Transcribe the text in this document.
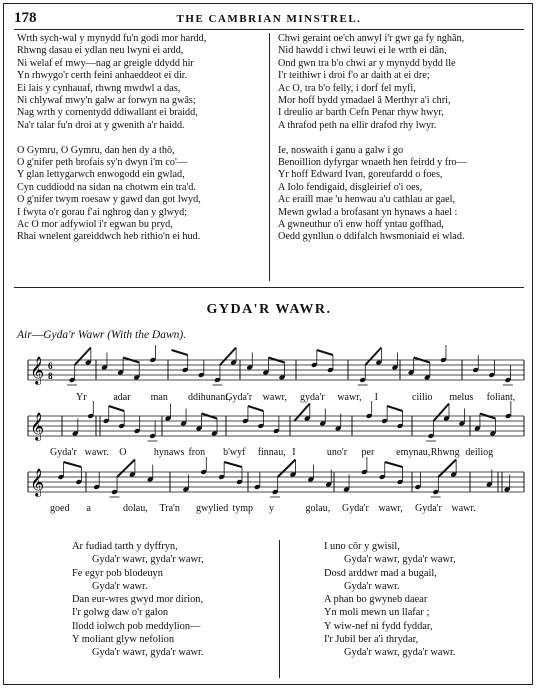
178	THE CAMBRIAN MINSTREL.
Wrth sych-wal y mynydd fu'n godi mor hardd,
Rhwng dasau ei ydlan neu lwyni ei ardd,
Ni welaf ef mwy—nag ar greigle ddydd hir
Yn rhwygo'r certh feini anhaeddeot ei dir.
Ei lais y cynhauaf, rhwng mwdwl a das,
Ni chlywaf mwy'n galw ar forwyn na gwâs;
Nag wrth y cornentydd ddiwallant ei braidd,
Na'r talar fu'n droi at y gwenith a'r haidd.
O Gymru, O Gymru, dan hen dy a thô,
O g'nifer peth brofais sy'n dwyn i'm co'—
Y glan lettygarwch enwogodd ein gwlad,
Cyn cuddiodd na sidan na chotwm ein tra'd.
O g'nifer twym roesaw y gawd dan got lwyd,
I fwyta o'r gorau f'ai nghrog dan y glwyd;
Ac O mor adfywiol i'r egwan bu pryd,
Rhai wnelent gareiddwch heb rithio'n ei hud.
Chwi geraint oe'ch anwyl i'r gwr ga fy nghân,
Nid hawdd i chwi leuwi ei le wrth ei dân,
Ond gwn tra b'o chwi ar y mynydd bydd lle
I'r teithiwr i droi f'o ar daith at ei dre;
Ac O, tra b'o felly, i dorf fel myfi,
Mor hoff bydd ymadael â Merthyr a'i chri,
I dreulio ar barth Cefn Penar rhyw hwyr,
A thrafod peth na ellir drafod rhy lwyr.
Ie, noswaith i ganu a galw i go
Benoillion dyfyrgar wnaeth hen feirdd y fro—
Yr hoff Edward Ivan, goreufardd o foes,
A Iolo fendigaid, disgleirief o'i oes,
Ac eraill mae 'u henwau a'u cathlau ar gael,
Mewn gwlad a brofasant yn hynaws a hael :
A gwneuthur o'i enw hoff yntau goffhad,
Oedd gynllun o ddifalch hwsmoniaid ei wlad.
GYDA'R WAWR.
Air—Gyda'r Wawr (With the Dawn).
𝄞 6
8
𝄞
𝄞
Yr	adar man ddihunant,
Gyda'r wawr, gyda'r wawr, I	ciilio melus foliant,
Gyda'r wawr. O	hynaws fron b'wyf finnau, I	uno'r per emynau, Rhwng deiliog
goed a	dolau, Tra'n gwylied tymp y	golau, Gyda'r wawr, Gyda'r wawr.
Ar fudiad tarth y dyffryn,
Gyda'r wawr, gyda'r wawr,
Fe egyr pob blodeuyn
Gyda'r wawr.
Dan eur-wres gwyd mor dirion,
I'r golwg daw o'r galon
Ilodd iolwch pob meddylion—
Y moliant glyw nefolion
Gyda'r wawr, gyda'r wawr.
I uno côr y gwisil,
Gyda'r wawr, gyda'r wawr,
Dosd arddwr mad a bugail,
Gyda'r wawr.
A phan bo gwyneb daear
Yn moli mewn un llafar ;
Y wiw-nef ni fydd fyddar,
I'r Jubil ber a'i thrydar,
Gyda'r wawr, gyda'r wawr.
